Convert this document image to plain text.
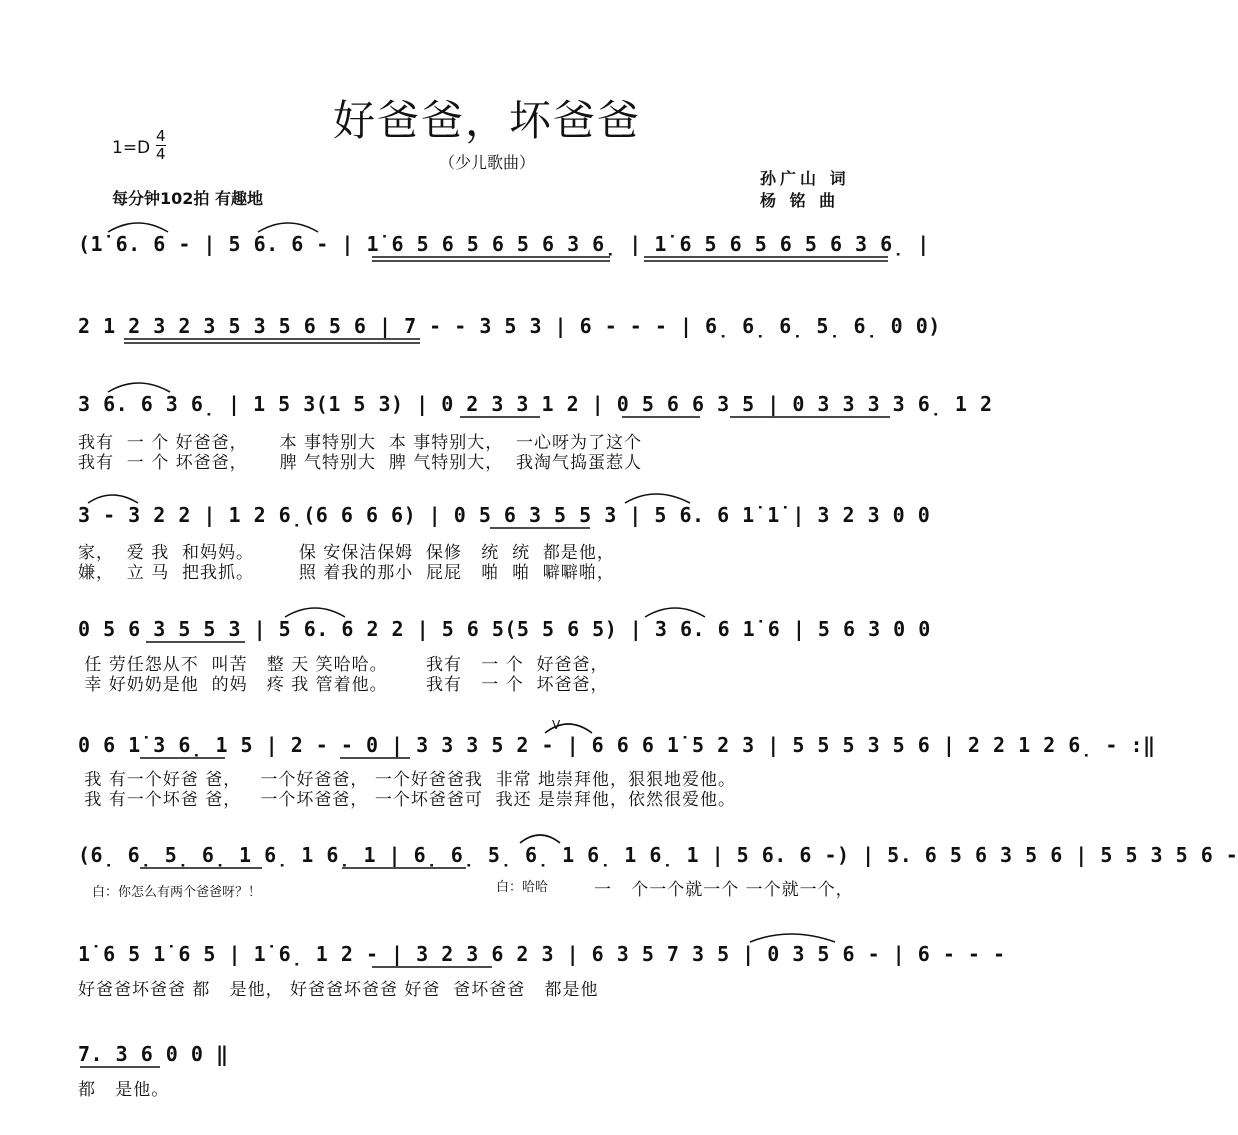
好爸爸，坏爸爸
（少儿歌曲）
$1=D \frac{4}{4}$
每分钟102拍 有趣地
孙广山 词
杨 铭 曲
(1̇ 6. 6 - | 5 6. 6 - | 1̇ 6 5 6 5 6 5 6 3 6̣ | 1̇ 6 5 6 5 6 5 6 3 6̣ |
2 1 2 3 2 3 5 3 5 6 5 6 | 7 - - 3 5 3 | 6 - - - | 6̣ 6̣ 6̣ 5̣ 6̣ 0 0)
3 6. 6 3 6̣ | 1 5 3(1 5 3) | 0 2 3 3 1 2 | 0 5 6 6 3 5 | 0 3 3 3 3 6̣ 1 2
我有  一 个 好爸爸，     本 事特别大  本 事特别大，  一心呀为了这个
我有  一 个 坏爸爸，     脾 气特别大  脾 气特别大，  我淘气捣蛋惹人
3 - 3 2 2 | 1 2 6̣(6 6 6 6) | 0 5 6 3 5 5 3 | 5 6. 6 1̇ 1̇ | 3 2 3 0 0
家，  爱 我  和妈妈。       保 安保洁保姆  保修   统  统  都是他，
嫌，  立 马  把我抓。       照 着我的那小  屁屁   啪  啪  噼噼啪，
0 5 6 3 5 5 3 | 5 6. 6 2 2 | 5 6 5(5 5 6 5) | 3 6. 6 1̇ 6 | 5 6 3 0 0
任 劳任怨从不  叫苦   整 天 笑哈哈。      我有   一 个  好爸爸，
幸 好奶奶是他  的妈   疼 我 管着他。      我有   一 个  坏爸爸，
0 6 1̇ 3 6̣ 1 5 | 2 - - 0 | 3 3 3 5 2 - | 6 6 6 1̇ 5 2 3 | 5 5 5 3 5 6 | 2 2 1 2 6̣ - :‖
V
我 有一个好爸 爸，   一个好爸爸， 一个好爸爸我  非常 地崇拜他，狠狠地爱他。
我 有一个坏爸 爸，   一个坏爸爸， 一个坏爸爸可  我还 是崇拜他，依然很爱他。
(6̣ 6̣ 5̣ 6̣ 1 6̣ 1 6̣ 1 | 6̣ 6̣ 5̣ 6̣ 1 6̣ 1 6̣ 1 | 5 6. 6 -) | 5. 6 5 6 3 5 6 | 5 5 3 5 6 -
白：你怎么有两个爸爸呀？！	白：哈哈	一   个一个就一个 一个就一个，
1̇ 6 5 1̇ 6 5 | 1̇ 6̣ 1 2 - | 3 2 3 6 2 3 | 6 3 5 7 3 5 | 0 3 5 6 - | 6 - - -
好爸爸坏爸爸 都   是他， 好爸爸坏爸爸 好爸  爸坏爸爸   都是他
7. 3 6 0 0 ‖
都   是他。
